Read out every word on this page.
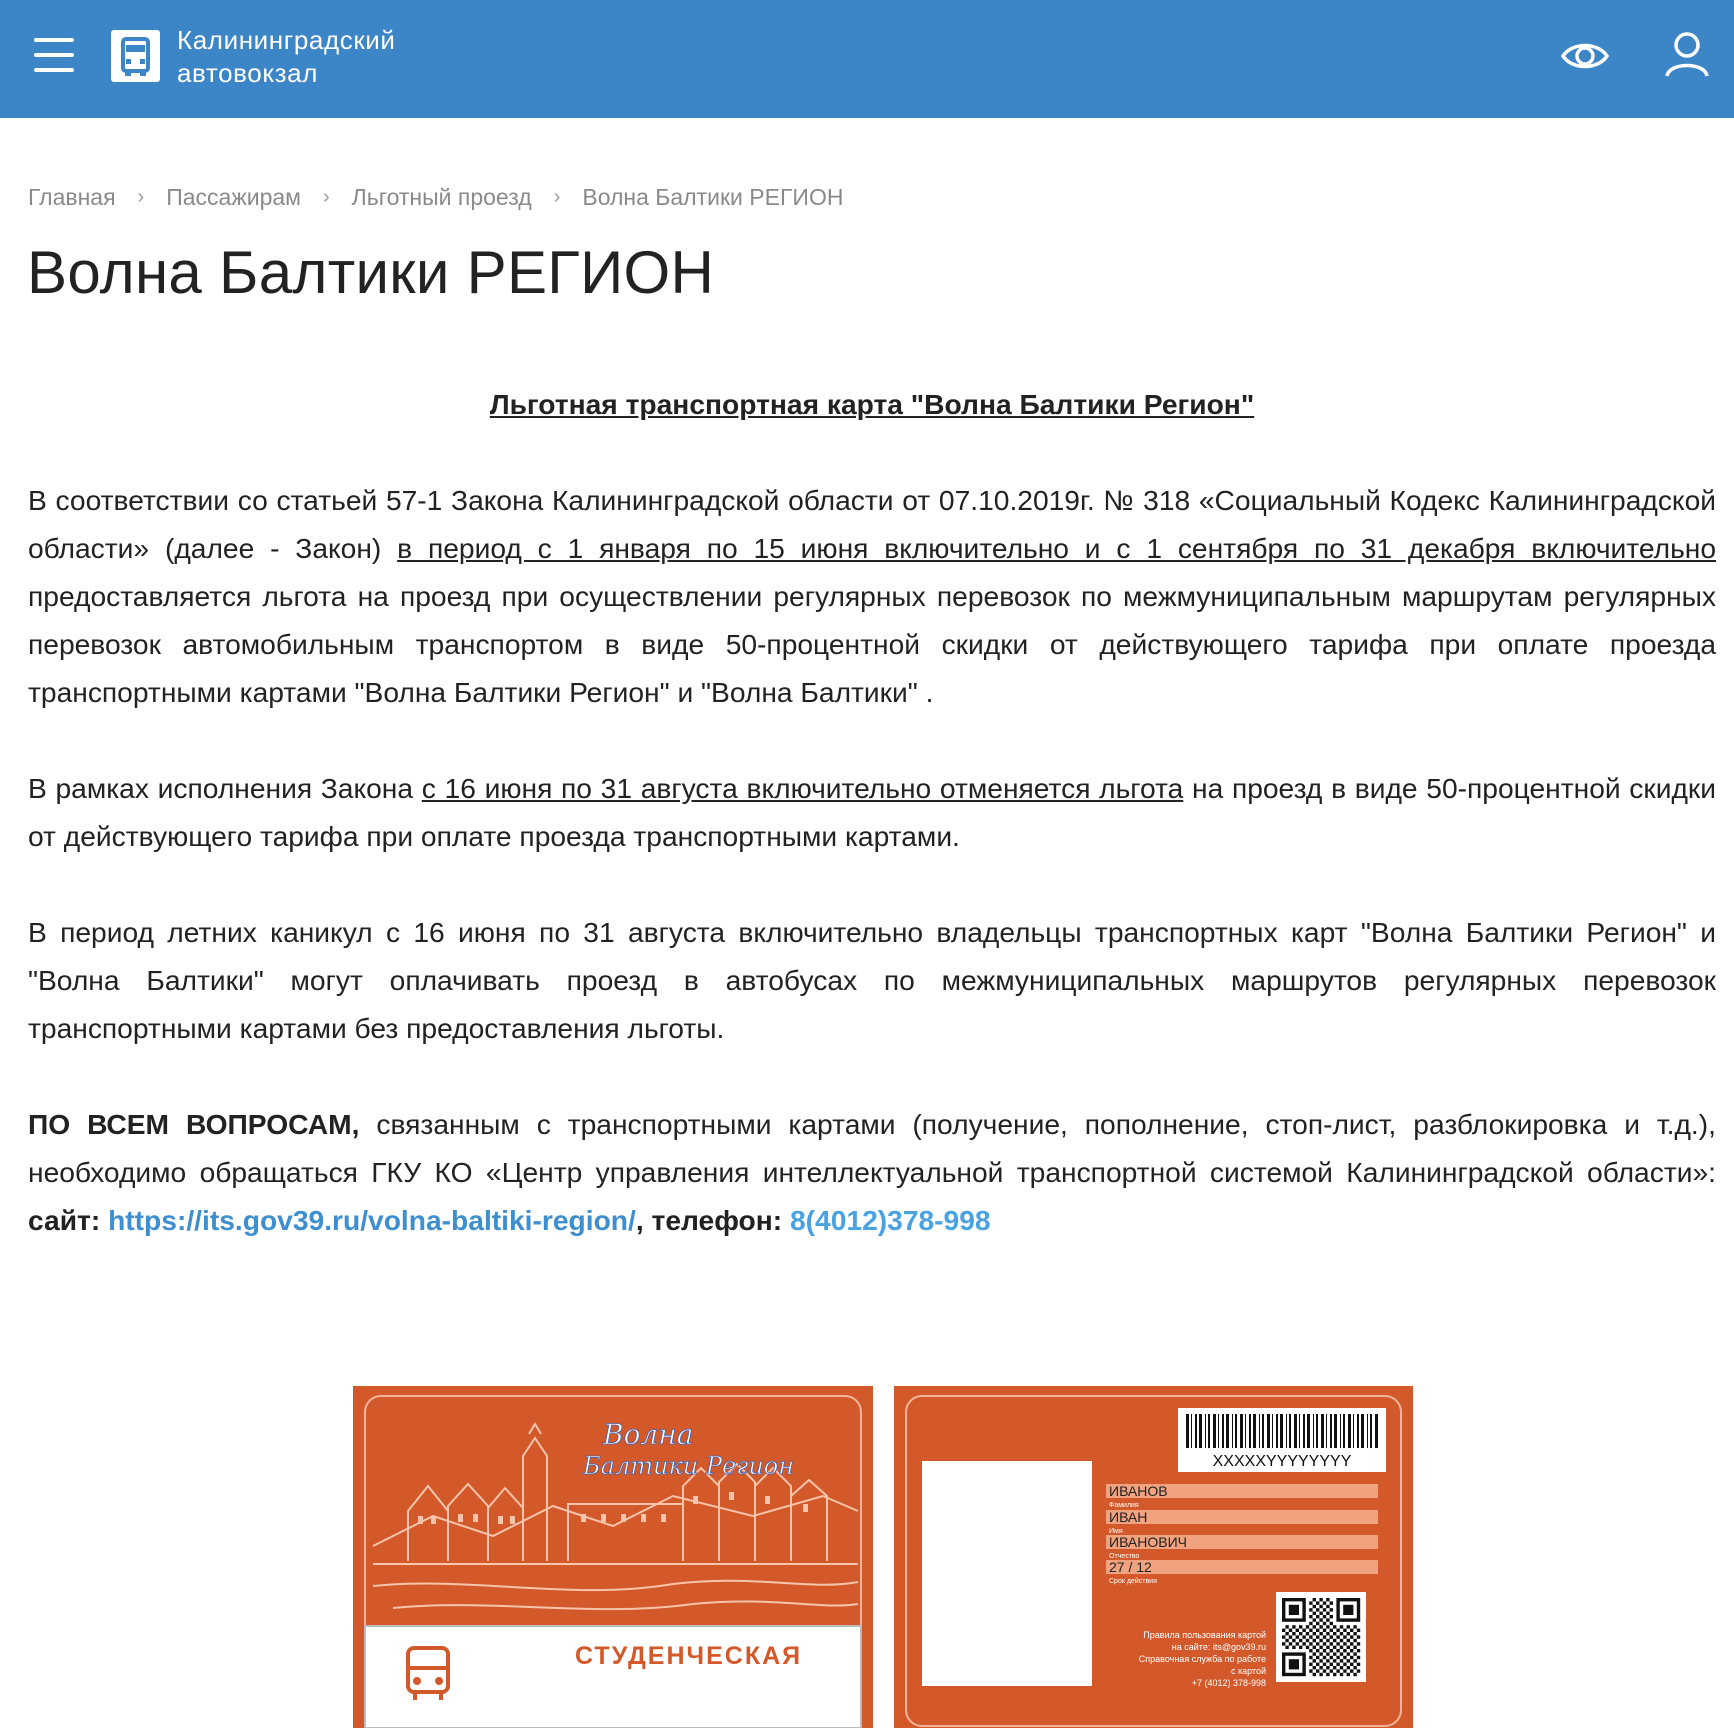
Калининградский
автовокзал
Главная › Пассажирам › Льготный проезд › Волна Балтики РЕГИОН
Волна Балтики РЕГИОН
Льготная транспортная карта "Волна Балтики Регион"

В соответствии со статьей 57-1 Закона Калининградской области от 07.10.2019г. № 318 «Социальный Кодекс Калининградской области» (далее - Закон) в период с 1 января по 15 июня включительно и с 1 сентября по 31 декабря включительно предоставляется льгота на проезд при осуществлении регулярных перевозок по межмуниципальным маршрутам регулярных перевозок автомобильным транспортом в виде 50-процентной скидки от действующего тарифа при оплате проезда транспортными картами "Волна Балтики Регион" и "Волна Балтики" .

В рамках исполнения Закона с 16 июня по 31 августа включительно отменяется льгота на проезд в виде 50-процентной скидки от действующего тарифа при оплате проезда транспортными картами.

В период летних каникул с 16 июня по 31 августа включительно владельцы транспортных карт "Волна Балтики Регион" и "Волна Балтики" могут оплачивать проезд в автобусах по межмуниципальных маршрутов регулярных перевозок транспортными картами без предоставления льготы.

ПО ВСЕМ ВОПРОСАМ, связанным с транспортными картами (получение, пополнение, стоп-лист, разблокировка и т.д.), необходимо обращаться ГКУ КО «Центр управления интеллектуальной транспортной системой Калининградской области»: сайт: https://its.gov39.ru/volna-baltiki-region/, телефон: 8(4012)378-998

Волна
Балтики Регион
СТУДЕНЧЕСКАЯ
XXXXXYYYYYYYY
ИВАНОВ
Фамилия
ИВАН
Имя
ИВАНОВИЧ
Отчество
27 / 12
Срок действия
Правила пользования картой
на сайте: its@gov39.ru
Справочная служба по работе
с картой
+7 (4012) 378-998
